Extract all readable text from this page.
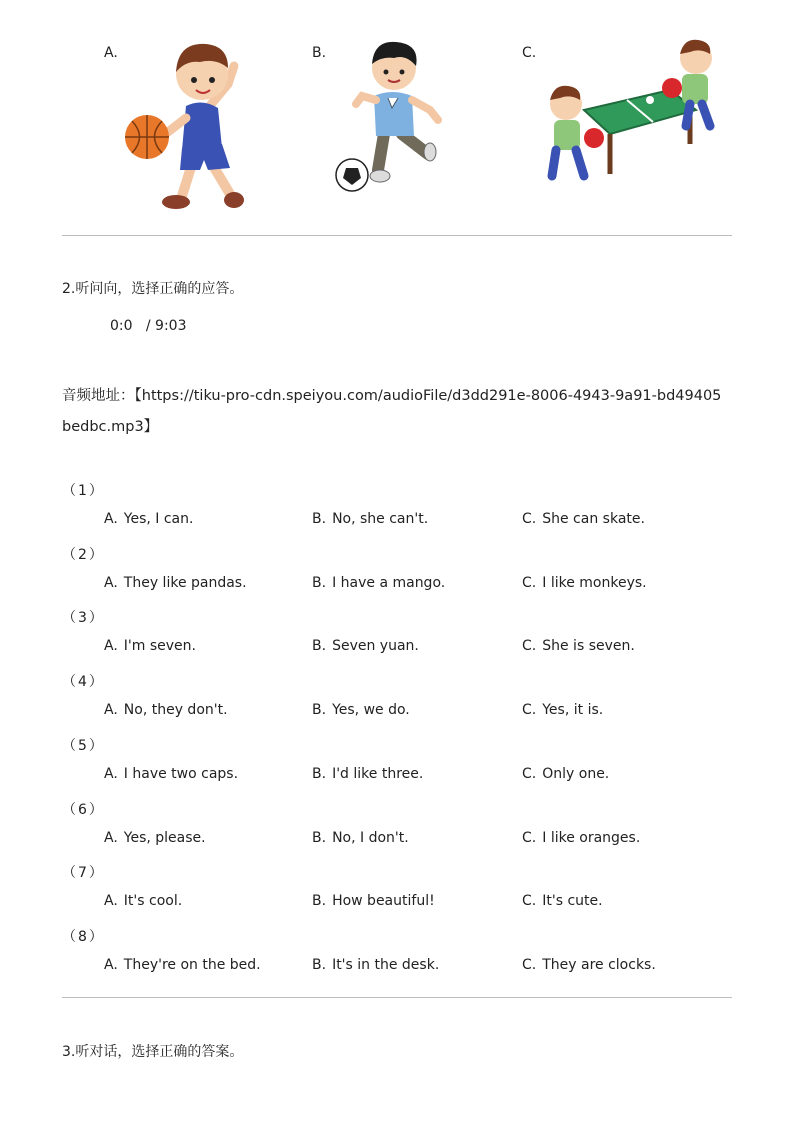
A.	B.	C.
2.听问向，选择正确的应答。
0:0   / 9:03
音频地址：【https://tiku-pro-cdn.speiyou.com/audioFile/d3dd291e-8006-4943-9a91-bd49405bedbc.mp3】
（1）
A. Yes, I can.	B. No, she can't.	C. She can skate.
（2）
A. They like pandas.	B. I have a mango.	C. I like monkeys.
（3）
A. I'm seven.	B. Seven yuan.	C. She is seven.
（4）
A. No, they don't.	B. Yes, we do.	C. Yes, it is.
（5）
A. I have two caps.	B. I'd like three.	C. Only one.
（6）
A. Yes, please.	B. No, I don't.	C. I like oranges.
（7）
A. It's cool.	B. How beautiful!	C. It's cute.
（8）
A. They're on the bed.	B. It's in the desk.	C. They are clocks.
3.听对话，选择正确的答案。
